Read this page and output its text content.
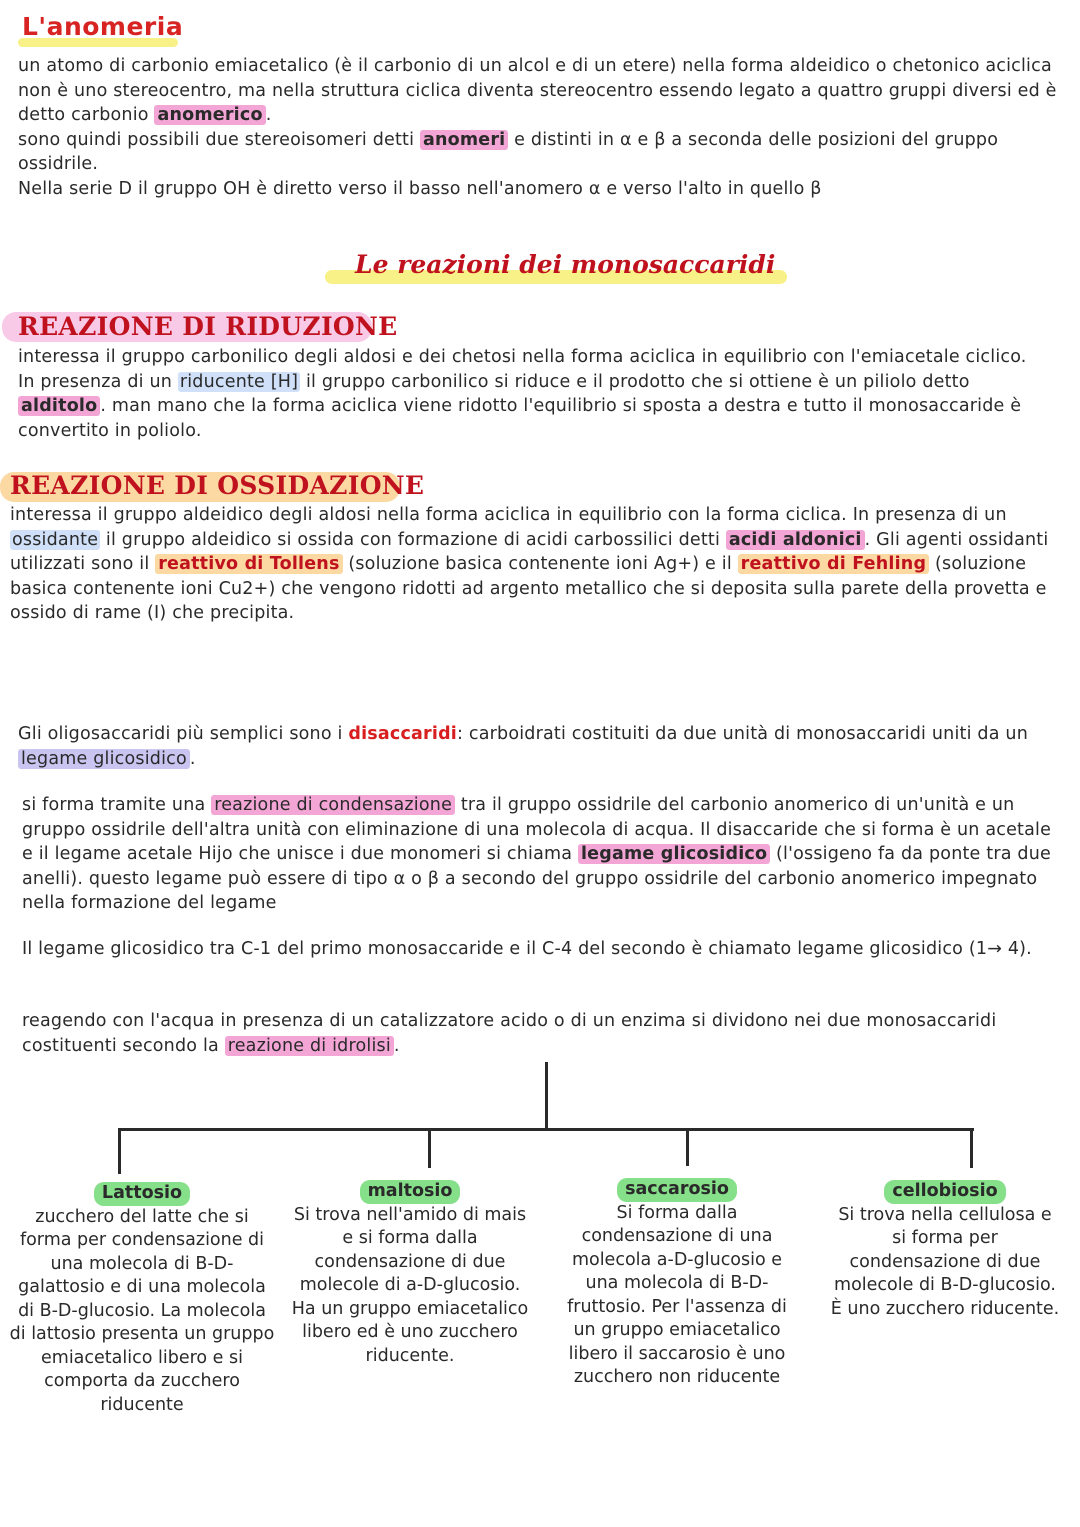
L'anomeria
un atomo di carbonio emiacetalico (è il carbonio di un alcol e di un etere) nella forma aldeidico o chetonico aciclica non è uno stereocentro, ma nella struttura ciclica diventa stereocentro essendo legato a quattro gruppi diversi ed è detto carbonio anomerico .
sono quindi possibili due stereoisomeri detti anomeri e distinti in ⍺ e β a seconda delle posizioni del gruppo ossidrile.
Nella serie D il gruppo OH è diretto verso il basso nell'anomero ⍺ e verso l'alto in quello β
Le reazioni dei monosaccaridi
REAZIONE DI RIDUZIONE
interessa il gruppo carbonilico degli aldosi e dei chetosi nella forma aciclica in equilibrio con l'emiacetale ciclico. In presenza di un riducente [H] il gruppo carbonilico si riduce e il prodotto che si ottiene è un piliolo detto alditolo . man mano che la forma aciclica viene ridotto l'equilibrio si sposta a destra e tutto il monosaccaride è convertito in poliolo.
REAZIONE DI OSSIDAZIONE
interessa il gruppo aldeidico degli aldosi nella forma aciclica in equilibrio con la forma ciclica. In presenza di un ossidante il gruppo aldeidico si ossida con formazione di acidi carbossilici detti acidi aldonici . Gli agenti ossidanti utilizzati sono il reattivo di Tollens (soluzione basica contenente ioni Ag+) e il reattivo di Fehling (soluzione basica contenente ioni Cu2+) che vengono ridotti ad argento metallico che si deposita sulla parete della provetta e ossido di rame (I) che precipita.
Gli oligosaccaridi più semplici sono i disaccaridi: carboidrati costituiti da due unità di monosaccaridi uniti da un legame glicosidico .
si forma tramite una reazione di condensazione tra il gruppo ossidrile del carbonio anomerico di un'unità e un gruppo ossidrile dell'altra unità con eliminazione di una molecola di acqua. Il disaccaride che si forma è un acetale e il legame acetale Hijo che unisce i due monomeri si chiama legame glicosidico (l'ossigeno fa da ponte tra due anelli). questo legame può essere di tipo ⍺ o β a secondo del gruppo ossidrile del carbonio anomerico impegnato nella formazione del legame
Il legame glicosidico tra C-1 del primo monosaccaride e il C-4 del secondo è chiamato legame glicosidico (1→ 4).
reagendo con l'acqua in presenza di un catalizzatore acido o di un enzima si dividono nei due monosaccaridi costituenti secondo la reazione di idrolisi .
Lattosio
zucchero del latte che si forma per condensazione di una molecola di B-D-galattosio e di una molecola di B-D-glucosio. La molecola di lattosio presenta un gruppo emiacetalico libero e si comporta da zucchero riducente
maltosio
Si trova nell'amido di mais e si forma dalla condensazione di due molecole di a-D-glucosio. Ha un gruppo emiacetalico libero ed è uno zucchero riducente.
saccarosio
Si forma dalla condensazione di una molecola a-D-glucosio e una molecola di B-D-fruttosio. Per l'assenza di un gruppo emiacetalico libero il saccarosio è uno zucchero non riducente
cellobiosio
Si trova nella cellulosa e si forma per condensazione di due molecole di B-D-glucosio. È uno zucchero riducente.
